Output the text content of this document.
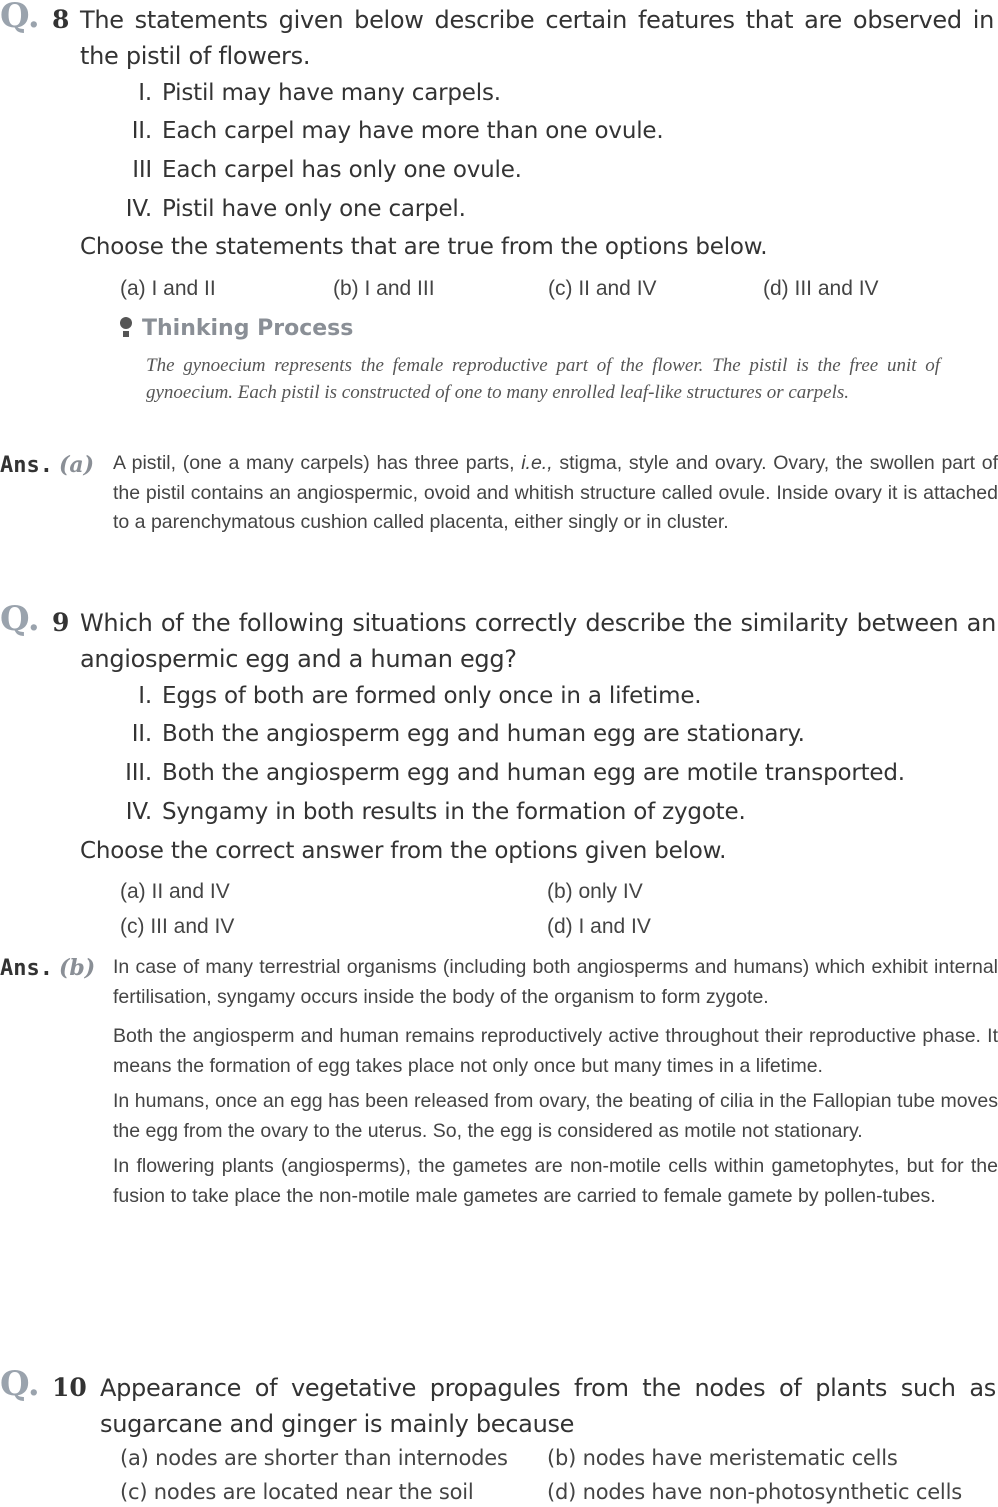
Q. 8 The statements given below describe certain features that are observed in the pistil of flowers.
I. Pistil may have many carpels.
II. Each carpel may have more than one ovule.
III Each carpel has only one ovule.
IV. Pistil have only one carpel.
Choose the statements that are true from the options below.
(a) I and II	(b) I and III	(c) II and IV	(d) III and IV
Thinking Process
The gynoecium represents the female reproductive part of the flower. The pistil is the free unit of gynoecium. Each pistil is constructed of one to many enrolled leaf-like structures or carpels.
Ans. (a) A pistil, (one a many carpels) has three parts, i.e., stigma, style and ovary. Ovary, the swollen part of the pistil contains an angiospermic, ovoid and whitish structure called ovule. Inside ovary it is attached to a parenchymatous cushion called placenta, either singly or in cluster.

Q. 9 Which of the following situations correctly describe the similarity between an angiospermic egg and a human egg?
I. Eggs of both are formed only once in a lifetime.
II. Both the angiosperm egg and human egg are stationary.
III. Both the angiosperm egg and human egg are motile transported.
IV. Syngamy in both results in the formation of zygote.
Choose the correct answer from the options given below.
(a) II and IV	(b) only IV
(c) III and IV	(d) I and IV
Ans. (b) In case of many terrestrial organisms (including both angiosperms and humans) which exhibit internal fertilisation, syngamy occurs inside the body of the organism to form zygote.

Both the angiosperm and human remains reproductively active throughout their reproductive phase. It means the formation of egg takes place not only once but many times in a lifetime.

In humans, once an egg has been released from ovary, the beating of cilia in the Fallopian tube moves the egg from the ovary to the uterus. So, the egg is considered as motile not stationary.

In flowering plants (angiosperms), the gametes are non-motile cells within gametophytes, but for the fusion to take place the non-motile male gametes are carried to female gamete by pollen-tubes.

Q. 10 Appearance of vegetative propagules from the nodes of plants such as sugarcane and ginger is mainly because
(a) nodes are shorter than internodes (b) nodes have meristematic cells
(c) nodes are located near the soil	(d) nodes have non-photosynthetic cells
